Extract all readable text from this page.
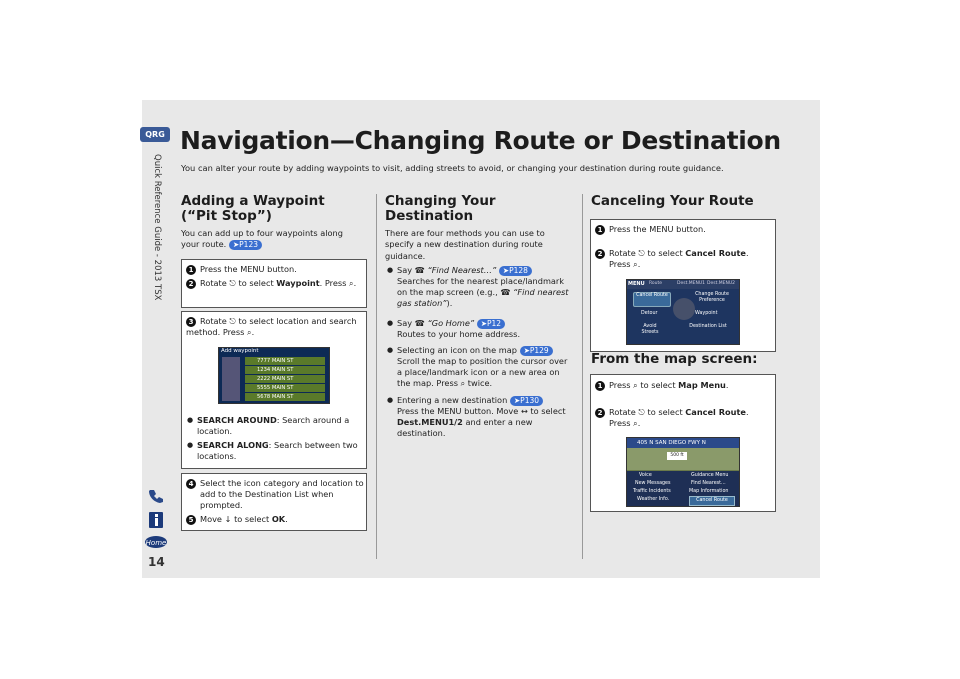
QRG
Quick Reference Guide - 2013 TSX
Home
14
Navigation—Changing Route or Destination
You can alter your route by adding waypoints to visit, adding streets to avoid, or changing your destination during route guidance.
Adding a Waypoint (“Pit Stop”)
You can add up to four waypoints along your route. ➤P123
1 Press the MENU button.
2 Rotate ⎋ to select Waypoint. Press ⌕.
3 Rotate ⎋ to select location and search method. Press ⌕.
Add waypoint
7777 MAIN ST
1234 MAIN ST
2222 MAIN ST
5555 MAIN ST
5678 MAIN ST
● SEARCH AROUND: Search around a location.
● SEARCH ALONG: Search between two locations.
4 Select the icon category and location to add to the Destination List when prompted.
5 Move ↓ to select OK.
Changing Your Destination
There are four methods you can use to specify a new destination during route guidance.
● Say ☎ “Find Nearest…” ➤P128
Searches for the nearest place/landmark on the map screen (e.g., ☎ “Find nearest gas station”).
● Say ☎ “Go Home” ➤P12
Routes to your home address.
● Selecting an icon on the map ➤P129
Scroll the map to position the cursor over a place/landmark icon or a new area on the map. Press ⌕ twice.
● Entering a new destination ➤P130
Press the MENU button. Move ↔ to select
Dest.MENU1/2 and enter a new destination.
Canceling Your Route
1 Press the MENU button.
2 Rotate ⎋ to select Cancel Route.
Press ⌕.
MENU Route	Dest.MENU1 Dest.MENU2
Cancel Route	Change Route Preference
Detour	Waypoint
Avoid Streets
Destination List
From the map screen:
1 Press ⌕ to select Map Menu.
2 Rotate ⎋ to select Cancel Route.
Press ⌕.
405 N SAN DIEGO FWY N
500 ft
Voice	Guidance Menu
New Messages	Find Nearest...
Traffic Incidents	Map Information
Weather Info.	Cancel Route
